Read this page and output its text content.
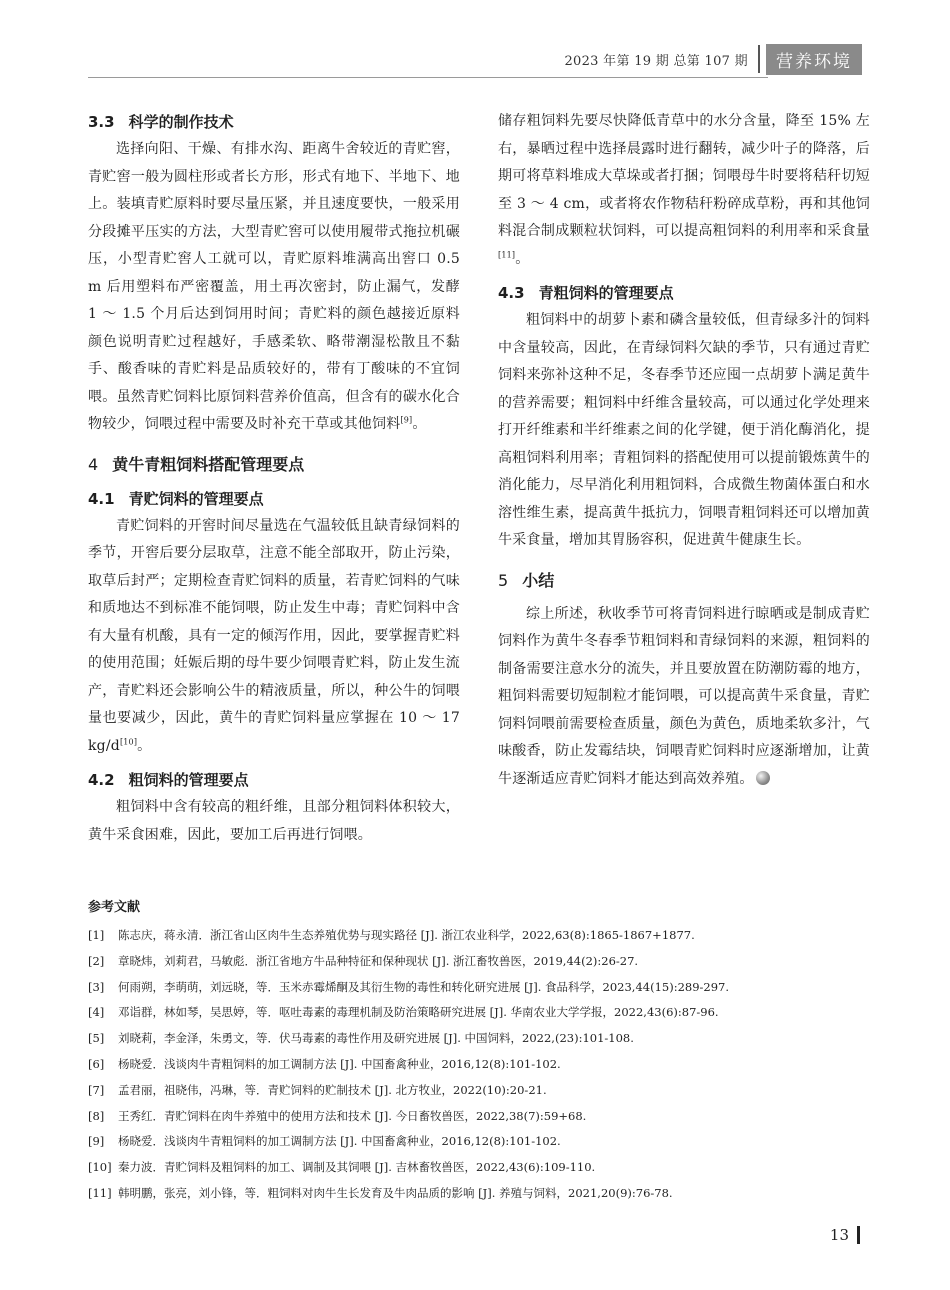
2023 年第 19 期 总第 107 期	营养环境
3.3 科学的制作技术

选择向阳、干燥、有排水沟、距离牛舍较近的青贮窖，青贮窖一般为圆柱形或者长方形，形式有地下、半地下、地上。装填青贮原料时要尽量压紧，并且速度要快，一般采用分段摊平压实的方法，大型青贮窖可以使用履带式拖拉机碾压，小型青贮窖人工就可以，青贮原料堆满高出窖口 0.5 m 后用塑料布严密覆盖，用土再次密封，防止漏气，发酵 1 ～ 1.5 个月后达到饲用时间；青贮料的颜色越接近原料颜色说明青贮过程越好，手感柔软、略带潮湿松散且不黏手、酸香味的青贮料是品质较好的，带有丁酸味的不宜饲喂。虽然青贮饲料比原饲料营养价值高，但含有的碳水化合物较少，饲喂过程中需要及时补充干草或其他饲料[9]。

4 黄牛青粗饲料搭配管理要点
4.1 青贮饲料的管理要点

青贮饲料的开窖时间尽量选在气温较低且缺青绿饲料的季节，开窖后要分层取草，注意不能全部取开，防止污染，取草后封严；定期检查青贮饲料的质量，若青贮饲料的气味和质地达不到标准不能饲喂，防止发生中毒；青贮饲料中含有大量有机酸，具有一定的倾泻作用，因此，要掌握青贮料的使用范围；妊娠后期的母牛要少饲喂青贮料，防止发生流产，青贮料还会影响公牛的精液质量，所以，种公牛的饲喂量也要减少，因此，黄牛的青贮饲料量应掌握在 10 ～ 17 kg/d[10]。

4.2 粗饲料的管理要点

粗饲料中含有较高的粗纤维，且部分粗饲料体积较大，黄牛采食困难，因此，要加工后再进行饲喂。

储存粗饲料先要尽快降低青草中的水分含量，降至 15% 左右，暴晒过程中选择晨露时进行翻转，减少叶子的降落，后期可将草料堆成大草垛或者打捆；饲喂母牛时要将秸秆切短至 3 ～ 4 cm，或者将农作物秸秆粉碎成草粉，再和其他饲料混合制成颗粒状饲料，可以提高粗饲料的利用率和采食量[11]。

4.3 青粗饲料的管理要点

粗饲料中的胡萝卜素和磷含量较低，但青绿多汁的饲料中含量较高，因此，在青绿饲料欠缺的季节，只有通过青贮饲料来弥补这种不足，冬春季节还应囤一点胡萝卜满足黄牛的营养需要；粗饲料中纤维含量较高，可以通过化学处理来打开纤维素和半纤维素之间的化学键，便于消化酶消化，提高粗饲料利用率；青粗饲料的搭配使用可以提前锻炼黄牛的消化能力，尽早消化利用粗饲料，合成微生物菌体蛋白和水溶性维生素，提高黄牛抵抗力，饲喂青粗饲料还可以增加黄牛采食量，增加其胃肠容积，促进黄牛健康生长。

5 小结

综上所述，秋收季节可将青饲料进行晾晒或是制成青贮饲料作为黄牛冬春季节粗饲料和青绿饲料的来源，粗饲料的制备需要注意水分的流失，并且要放置在防潮防霉的地方，粗饲料需要切短制粒才能饲喂，可以提高黄牛采食量，青贮饲料饲喂前需要检查质量，颜色为黄色，质地柔软多汁，气味酸香，防止发霉结块，饲喂青贮饲料时应逐渐增加，让黄牛逐渐适应青贮饲料才能达到高效养殖。

参考文献
[1]	陈志庆，蒋永清．浙江省山区肉牛生态养殖优势与现实路径 [J]. 浙江农业科学，2022,63(8):1865-1867+1877.
[2]	章晓炜，刘莉君，马敏彪．浙江省地方牛品种特征和保种现状 [J]. 浙江畜牧兽医，2019,44(2):26-27.
[3]	何雨朔，李萌萌，刘远晓，等．玉米赤霉烯酮及其衍生物的毒性和转化研究进展 [J]. 食品科学，2023,44(15):289-297.
[4]	邓诣群，林如琴，吴思婷，等．呕吐毒素的毒理机制及防治策略研究进展 [J]. 华南农业大学学报，2022,43(6):87-96.
[5]	刘晓莉，李金泽，朱勇文，等．伏马毒素的毒性作用及研究进展 [J]. 中国饲料，2022,(23):101-108.
[6]	杨晓爱．浅谈肉牛青粗饲料的加工调制方法 [J]. 中国畜禽种业，2016,12(8):101-102.
[7]	孟君丽，祖晓伟，冯琳，等．青贮饲料的贮制技术 [J]. 北方牧业，2022(10):20-21.
[8]	王秀红．青贮饲料在肉牛养殖中的使用方法和技术 [J]. 今日畜牧兽医，2022,38(7):59+68.
[9]	杨晓爱．浅谈肉牛青粗饲料的加工调制方法 [J]. 中国畜禽种业，2016,12(8):101-102.
[10] 秦力波．青贮饲料及粗饲料的加工、调制及其饲喂 [J]. 吉林畜牧兽医，2022,43(6):109-110.
[11] 韩明鹏，张亮，刘小锋，等．粗饲料对肉牛生长发育及牛肉品质的影响 [J]. 养殖与饲料，2021,20(9):76-78.
13
